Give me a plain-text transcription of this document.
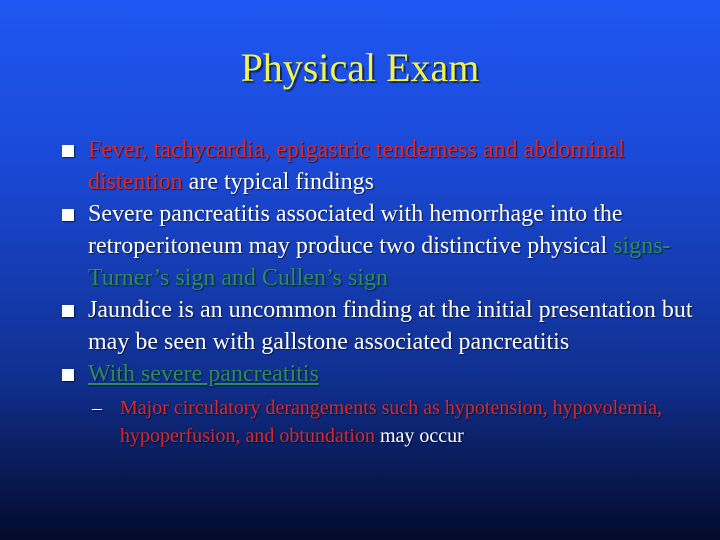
Physical Exam
Fever, tachycardia, epigastric tenderness and abdominal distention are typical findings
Severe pancreatitis associated with hemorrhage into the retroperitoneum may produce two distinctive physical signs-Turner’s sign and Cullen’s sign
Jaundice is an uncommon finding at the initial presentation but may be seen with gallstone associated pancreatitis
With severe pancreatitis
– Major circulatory derangements such as hypotension, hypovolemia, hypoperfusion, and obtundation may occur
